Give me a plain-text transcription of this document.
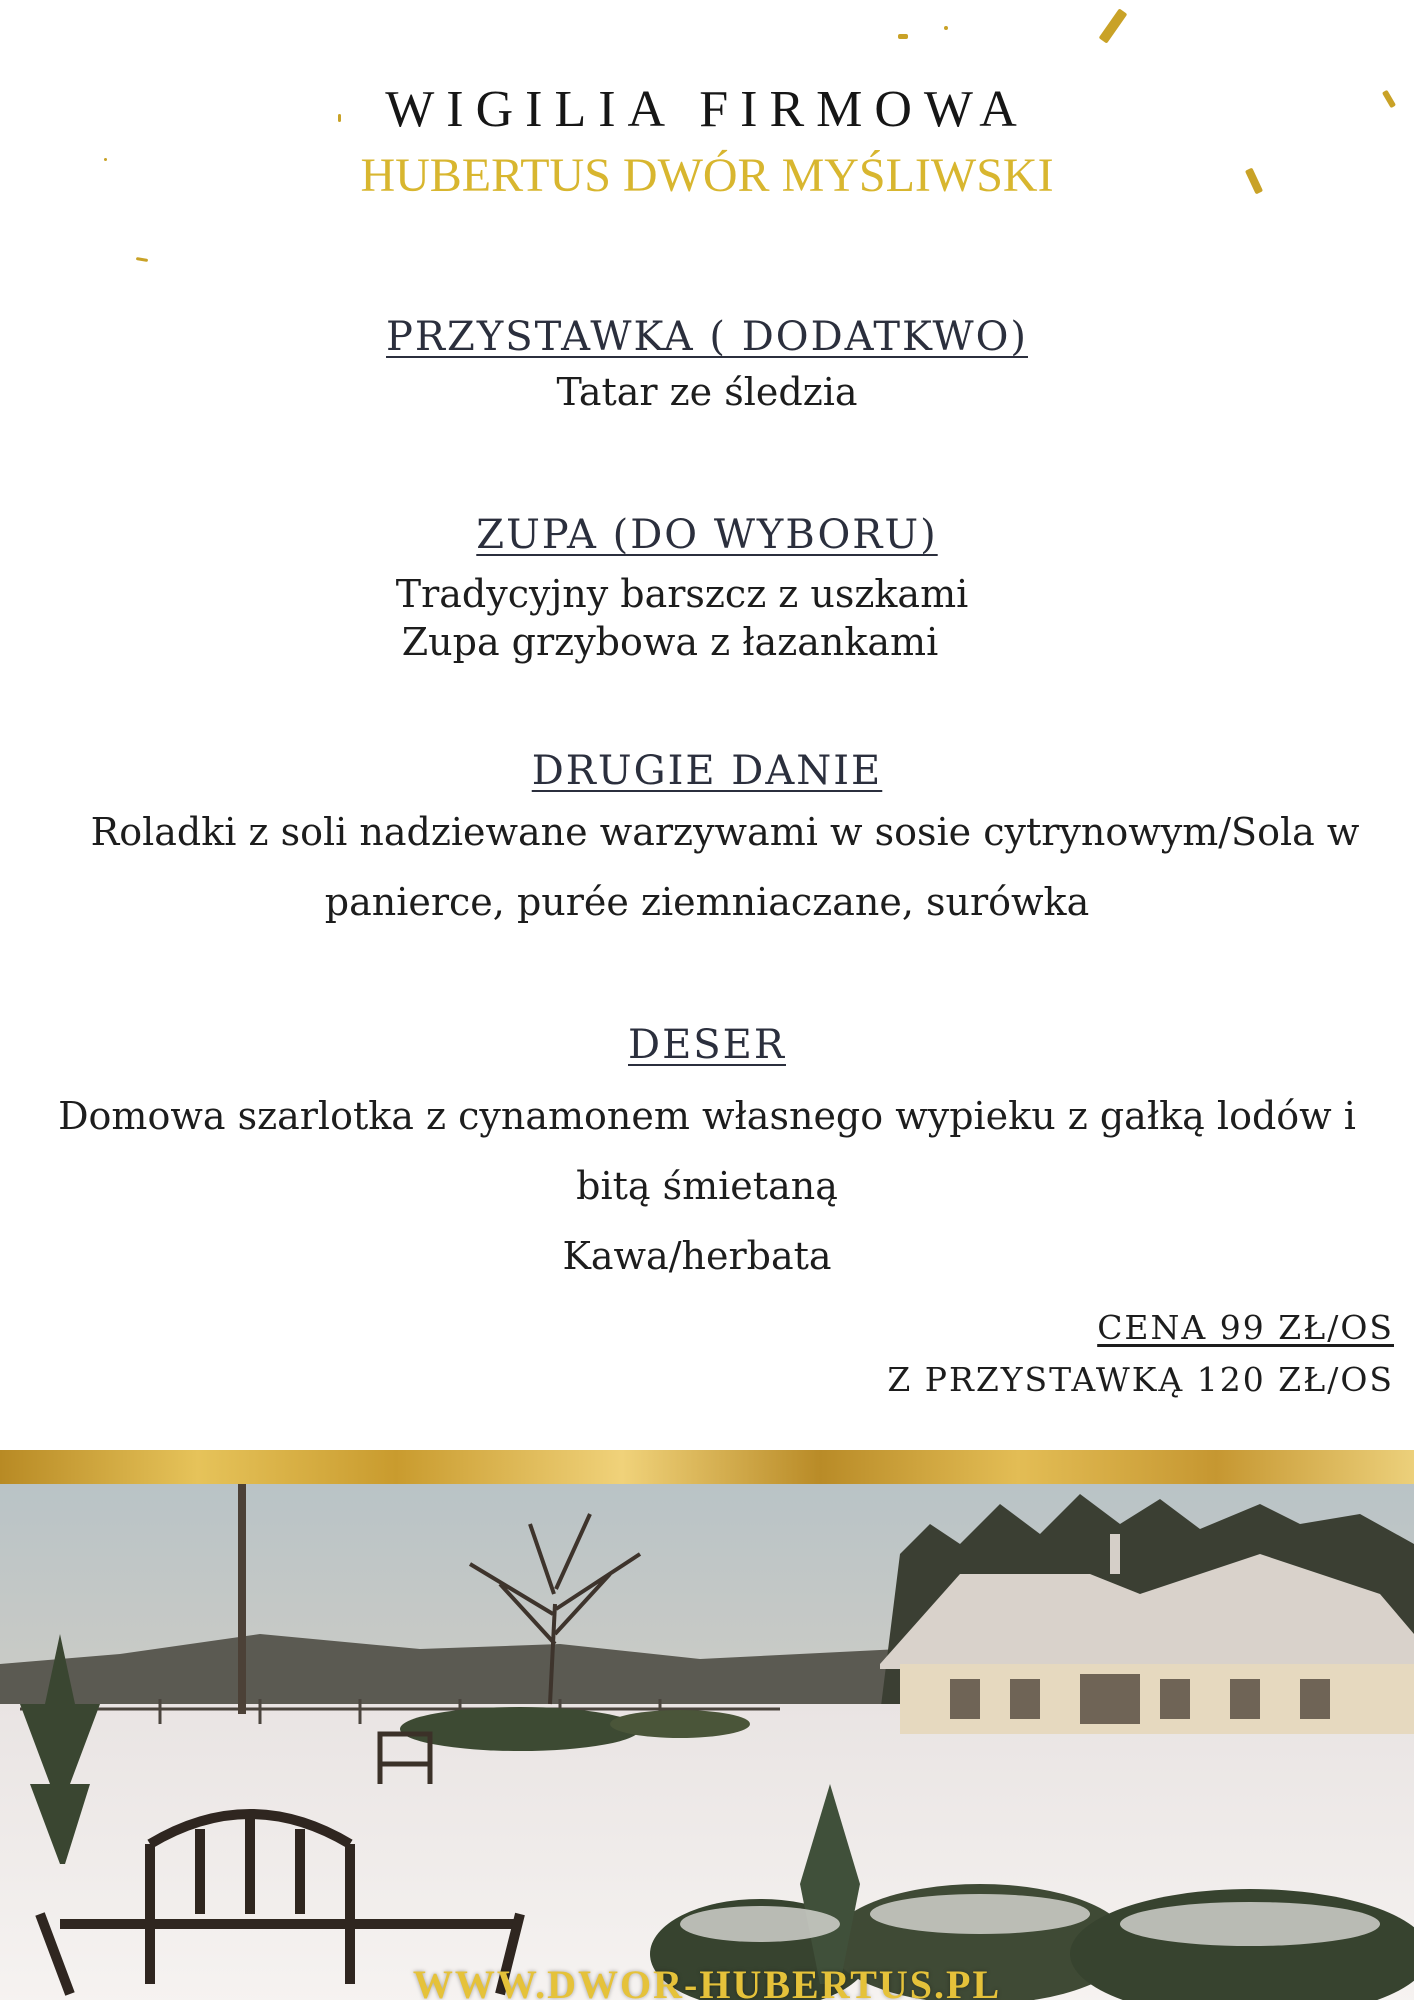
WIGILIA FIRMOWA
HUBERTUS DWÓR MYŚLIWSKI
PRZYSTAWKA ( DODATKWO)
Tatar ze śledzia
ZUPA (DO WYBORU)
Tradycyjny barszcz z uszkami
Zupa grzybowa z łazankami
DRUGIE DANIE
Roladki z soli nadziewane warzywami w sosie cytrynowym/Sola w
panierce, purée ziemniaczane, surówka
DESER
Domowa szarlotka z cynamonem własnego wypieku z gałką lodów i
bitą śmietaną
Kawa/herbata
CENA 99 ZŁ/OS
Z PRZYSTAWKĄ 120 ZŁ/OS
WWW.DWOR-HUBERTUS.PL
